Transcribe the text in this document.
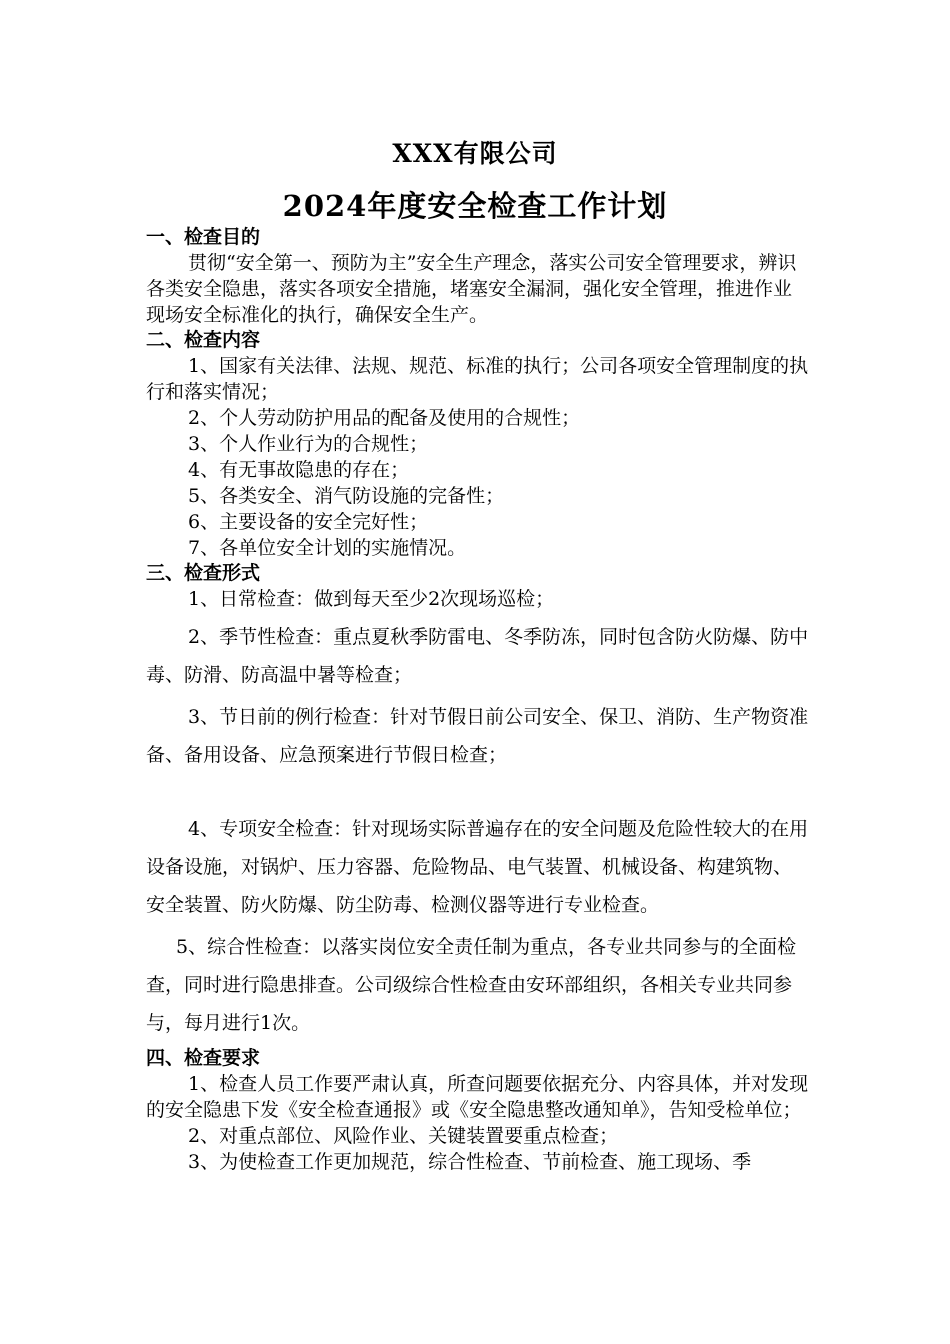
XXX有限公司
2024年度安全检查工作计划

一、检查目的

贯彻“安全第一、预防为主”安全生产理念，落实公司安全管理要求，辨识各类安全隐患，落实各项安全措施，堵塞安全漏洞，强化安全管理，推进作业现场安全标准化的执行，确保安全生产。

二、检查内容

1、国家有关法律、法规、规范、标准的执行；公司各项安全管理制度的执行和落实情况；

2、个人劳动防护用品的配备及使用的合规性；

3、个人作业行为的合规性；

4、有无事故隐患的存在；

5、各类安全、消气防设施的完备性；

6、主要设备的安全完好性；

7、各单位安全计划的实施情况。

三、检查形式

1、日常检查：做到每天至少2次现场巡检；

2、季节性检查：重点夏秋季防雷电、冬季防冻，同时包含防火防爆、防中毒、防滑、防高温中暑等检查；

3、节日前的例行检查：针对节假日前公司安全、保卫、消防、生产物资准备、备用设备、应急预案进行节假日检查；

4、专项安全检查：针对现场实际普遍存在的安全问题及危险性较大的在用设备设施，对锅炉、压力容器、危险物品、电气装置、机械设备、构建筑物、安全装置、防火防爆、防尘防毒、检测仪器等进行专业检查。

5、综合性检查：以落实岗位安全责任制为重点，各专业共同参与的全面检查，同时进行隐患排查。公司级综合性检查由安环部组织，各相关专业共同参与，每月进行1次。

四、检查要求

1、检查人员工作要严肃认真，所查问题要依据充分、内容具体，并对发现的安全隐患下发《安全检查通报》或《安全隐患整改通知单》，告知受检单位；

2、对重点部位、风险作业、关键装置要重点检查；

3、为使检查工作更加规范，综合性检查、节前检查、施工现场、季
